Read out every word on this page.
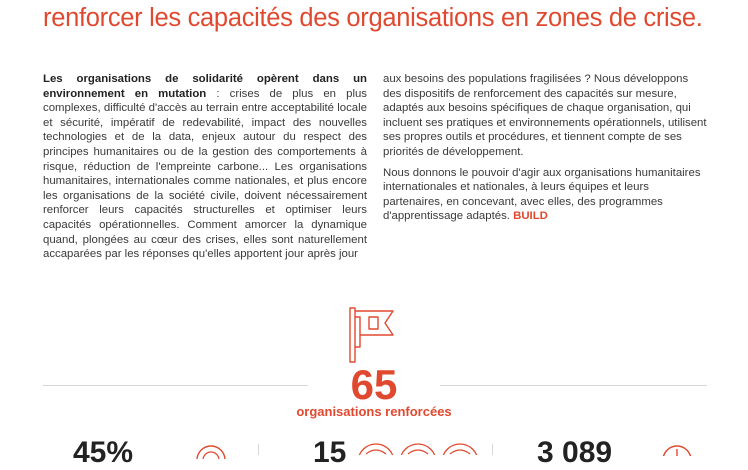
renforcer les capacités des organisations en zones de crise.

Les organisations de solidarité opèrent dans un environnement en mutation : crises de plus en plus complexes, difficulté d'accès au terrain entre acceptabilité locale et sécurité, impératif de redevabilité, impact des nouvelles technologies et de la data, enjeux autour du respect des principes humanitaires ou de la gestion des comportements à risque, réduction de l'empreinte carbone... Les organisations humanitaires, internationales comme nationales, et plus encore les organisations de la société civile, doivent nécessairement renforcer leurs capacités structurelles et optimiser leurs capacités opérationnelles. Comment amorcer la dynamique quand, plongées au cœur des crises, elles sont naturellement accaparées par les réponses qu'elles apportent jour après jour

aux besoins des populations fragilisées ? Nous développons des dispositifs de renforcement des capacités sur mesure, adaptés aux besoins spécifiques de chaque organisation, qui incluent ses pratiques et environnements opérationnels, utilisent ses propres outils et procédures, et tiennent compte de ses priorités de développement.

Nous donnons le pouvoir d'agir aux organisations humanitaires internationales et nationales, à leurs équipes et leurs partenaires, en concevant, avec elles, des programmes d'apprentissage adaptés. BUILD

65
organisations renforcées
45%	15	3 089
